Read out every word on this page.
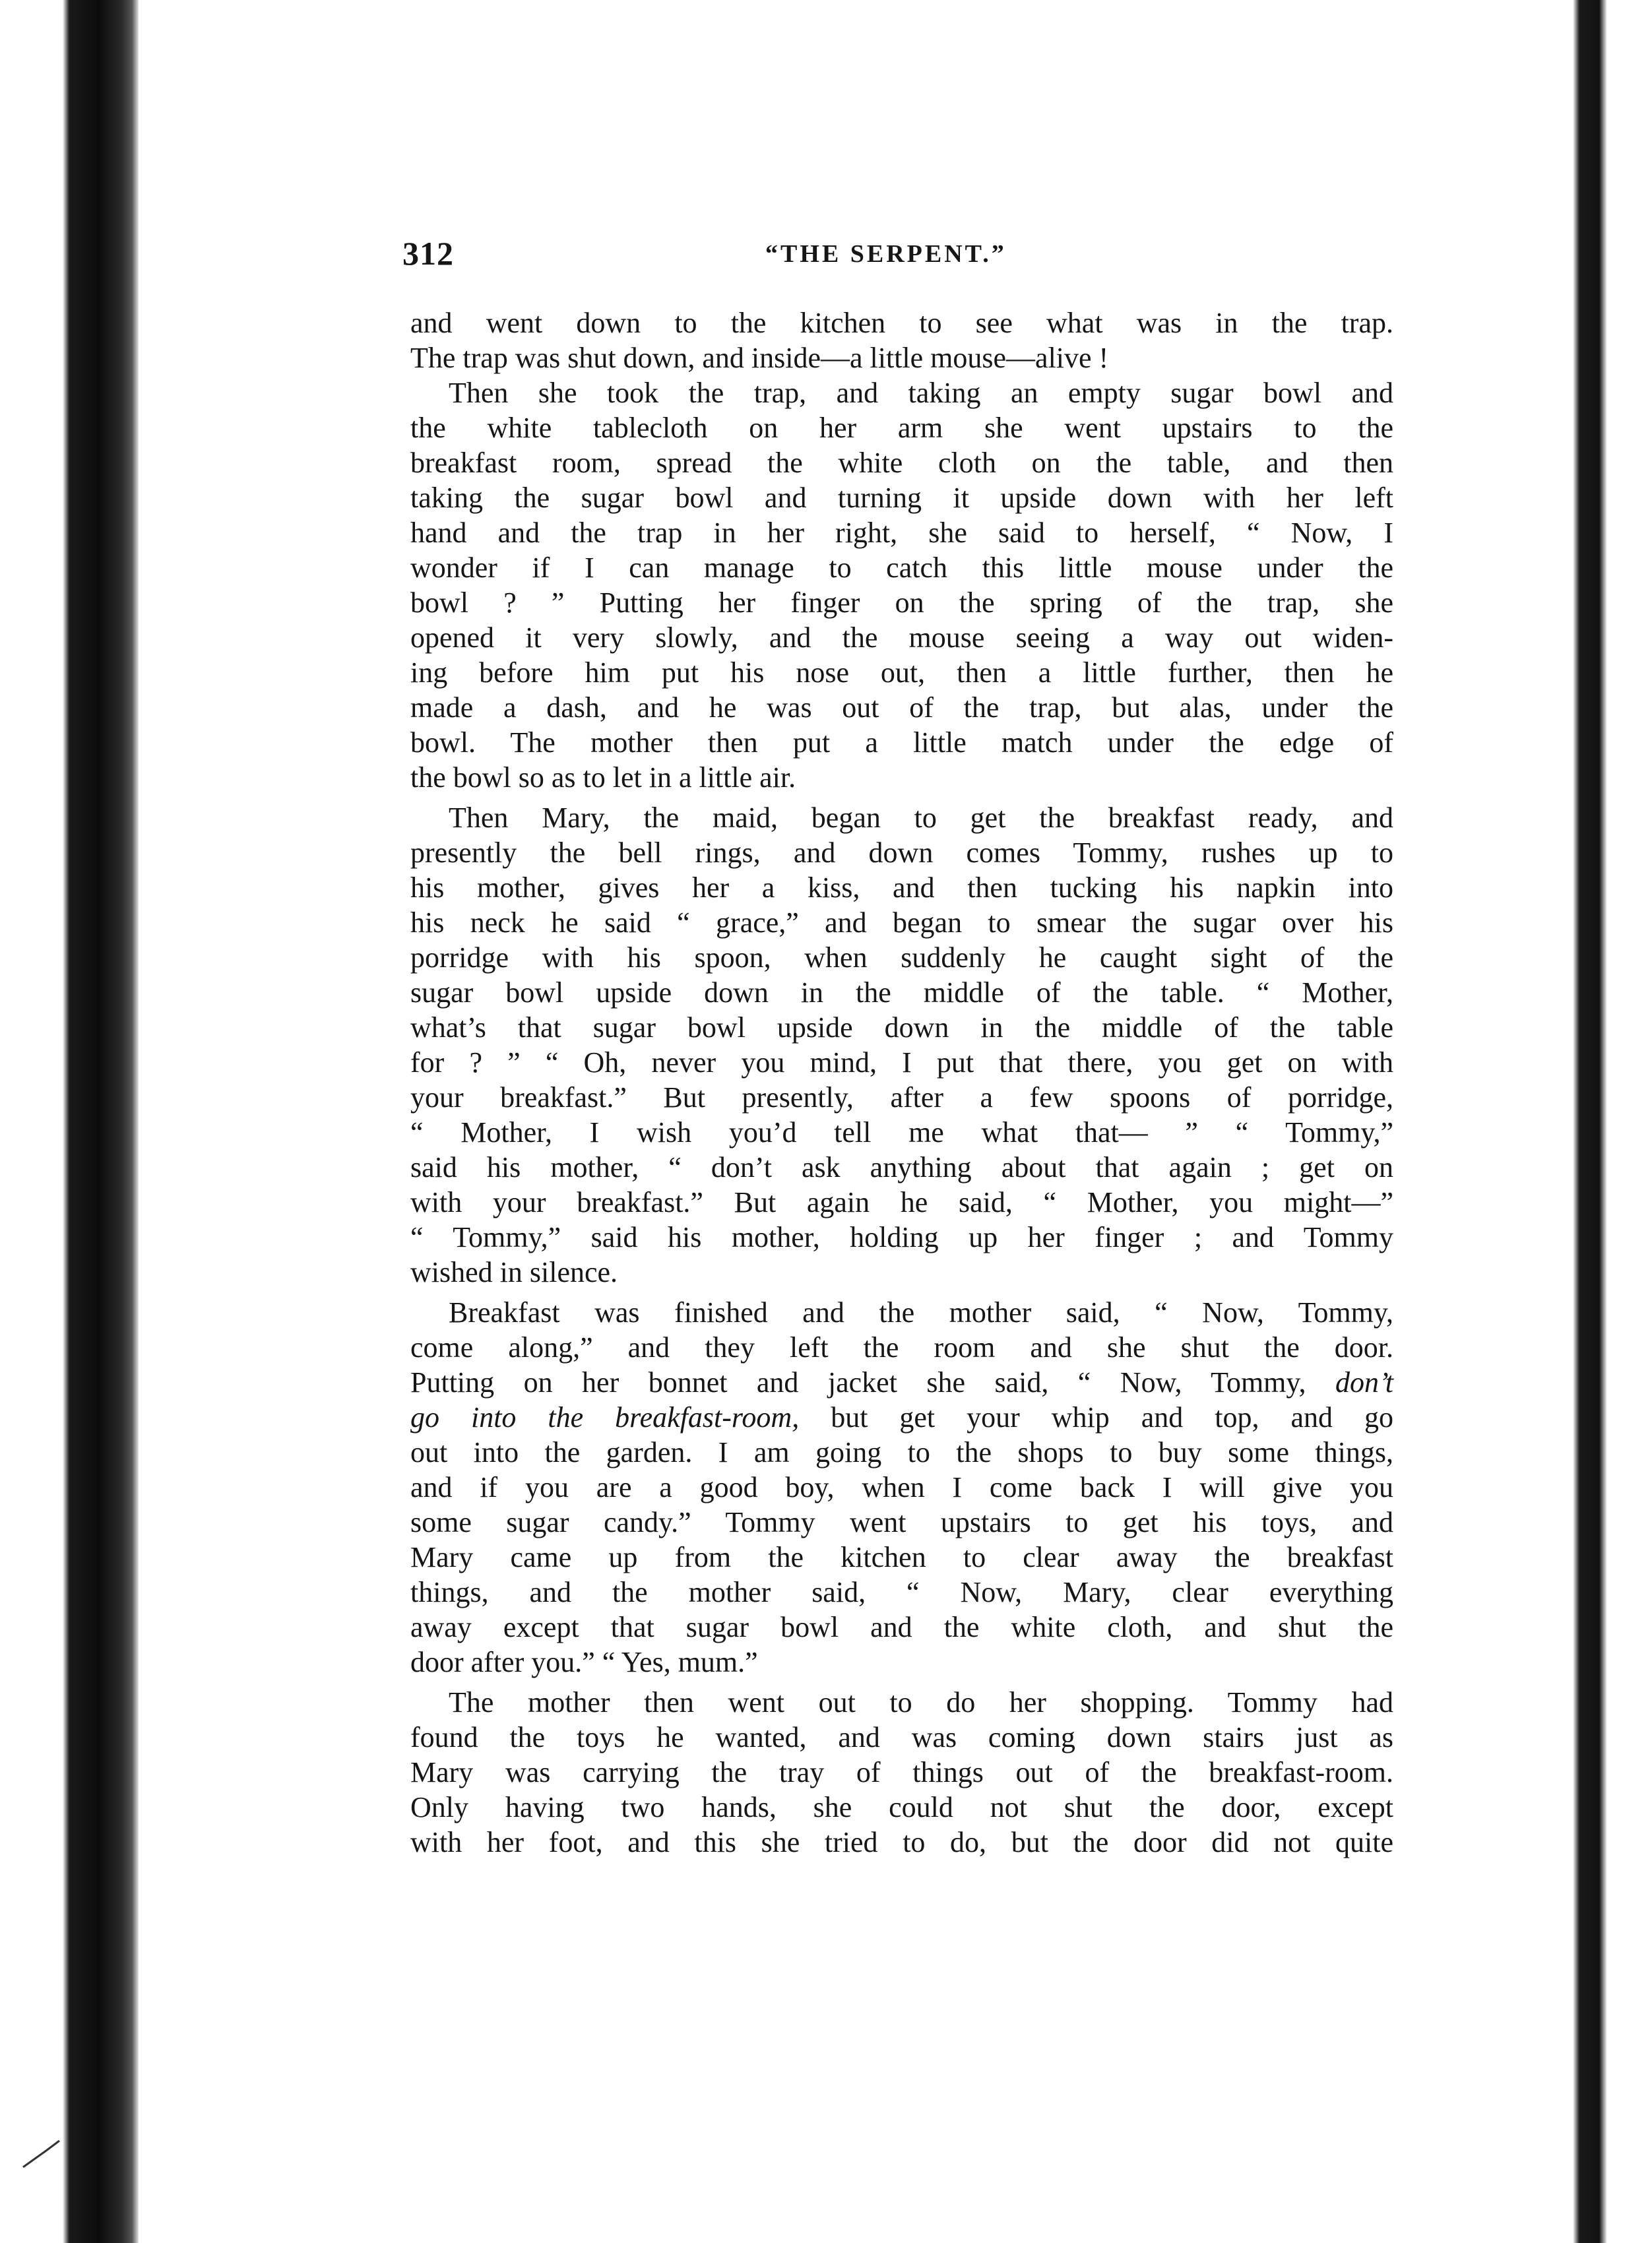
312	“THE SERPENT.”
and went down to the kitchen to see what was in the trap.
The trap was shut down, and inside—a little mouse—alive !
Then she took the trap, and taking an empty sugar bowl and
the white tablecloth on her arm she went upstairs to the
breakfast room, spread the white cloth on the table, and then
taking the sugar bowl and turning it upside down with her left
hand and the trap in her right, she said to herself, “ Now, I
wonder if I can manage to catch this little mouse under the
bowl ? ” Putting her finger on the spring of the trap, she
opened it very slowly, and the mouse seeing a way out widen-
ing before him put his nose out, then a little further, then he
made a dash, and he was out of the trap, but alas, under the
bowl. The mother then put a little match under the edge of
the bowl so as to let in a little air.
Then Mary, the maid, began to get the breakfast ready, and
presently the bell rings, and down comes Tommy, rushes up to
his mother, gives her a kiss, and then tucking his napkin into
his neck he said “ grace,” and began to smear the sugar over his
porridge with his spoon, when suddenly he caught sight of the
sugar bowl upside down in the middle of the table. “ Mother,
what’s that sugar bowl upside down in the middle of the table
for ? ” “ Oh, never you mind, I put that there, you get on with
your breakfast.” But presently, after a few spoons of porridge,
“ Mother, I wish you’d tell me what that— ” “ Tommy,”
said his mother, “ don’t ask anything about that again ; get on
with your breakfast.” But again he said, “ Mother, you might—”
“ Tommy,” said his mother, holding up her finger ; and Tommy
wished in silence.
Breakfast was finished and the mother said, “ Now, Tommy,
come along,” and they left the room and she shut the door.
Putting on her bonnet and jacket she said, “ Now, Tommy, don’t
go into the breakfast-room, but get your whip and top, and go
out into the garden. I am going to the shops to buy some things,
and if you are a good boy, when I come back I will give you
some sugar candy.” Tommy went upstairs to get his toys, and
Mary came up from the kitchen to clear away the breakfast
things, and the mother said, “ Now, Mary, clear everything
away except that sugar bowl and the white cloth, and shut the
door after you.” “ Yes, mum.”
The mother then went out to do her shopping. Tommy had
found the toys he wanted, and was coming down stairs just as
Mary was carrying the tray of things out of the breakfast-room.
Only having two hands, she could not shut the door, except
with her foot, and this she tried to do, but the door did not quite
